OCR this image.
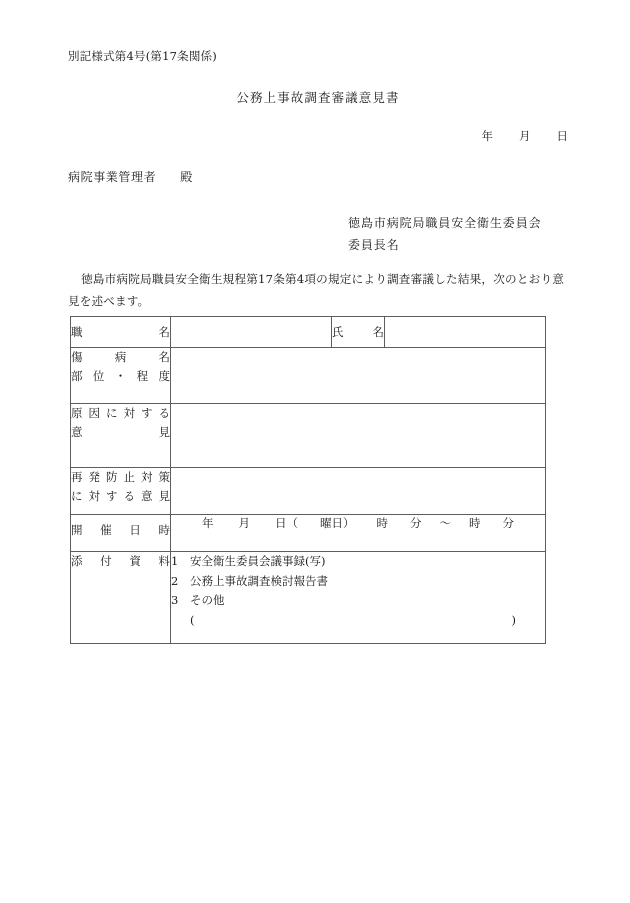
別記様式第4号(第17条関係)
公務上事故調査審議意見書
年 月 日
病院事業管理者 殿
徳島市病院局職員安全衛生委員会
委員長名
徳島市病院局職員安全衛生規程第17条第4項の規定により調査審議した結果，次のとおり意見を述べます。
職 名		氏 名	

傷	病	名
部 位 ・ 程 度

原 因 に 対 す る
意	見

再 発 防 止 対 策
に 対 す る 意 見

開 催 日 時	年 月 日（ 曜日） 時 分 ～ 時 分		

添 付 資 料	1 安全衛生委員会議事録(写)
2 公務上事故調査検討報告書
3 その他
(	)
